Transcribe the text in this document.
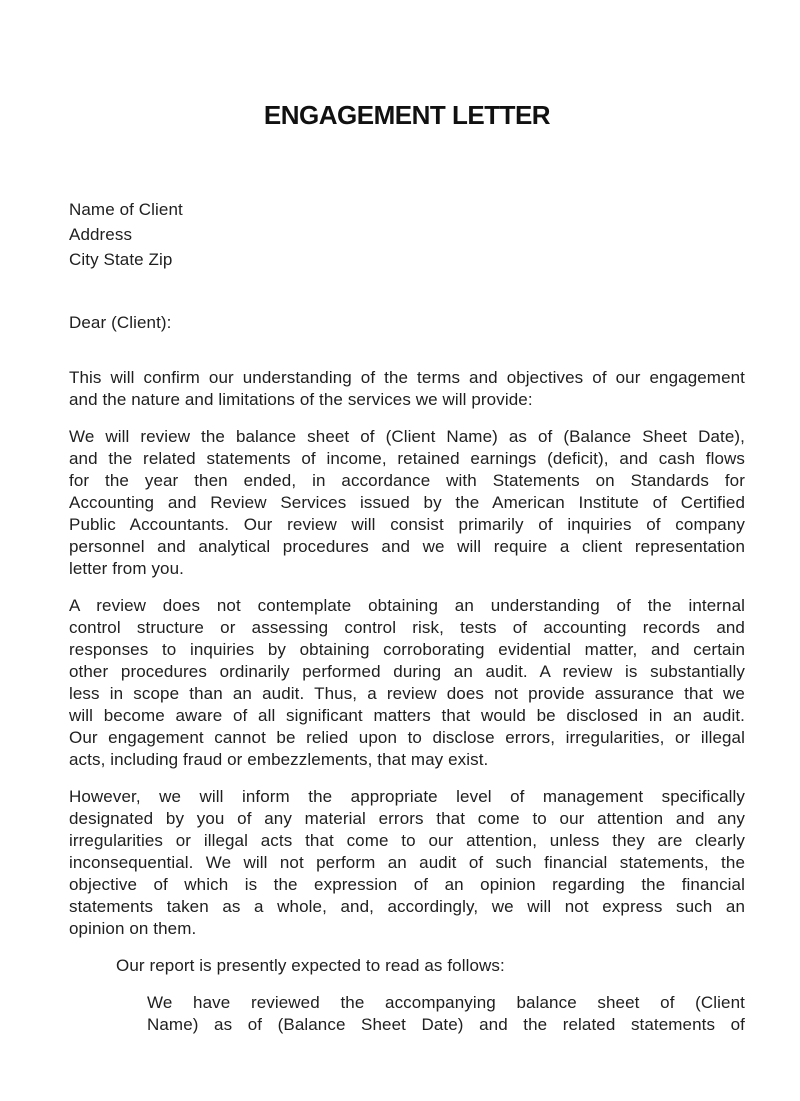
ENGAGEMENT LETTER
Name of Client
Address
City State Zip
Dear (Client):
This will confirm our understanding of the terms and objectives of our engagement
and the nature and limitations of the services we will provide:
We will review the balance sheet of (Client Name) as of (Balance Sheet Date),
and the related statements of income, retained earnings (deficit), and cash flows
for the year then ended, in accordance with Statements on Standards for
Accounting and Review Services issued by the American Institute of Certified
Public Accountants. Our review will consist primarily of inquiries of company
personnel and analytical procedures and we will require a client representation
letter from you.
A review does not contemplate obtaining an understanding of the internal
control structure or assessing control risk, tests of accounting records and
responses to inquiries by obtaining corroborating evidential matter, and certain
other procedures ordinarily performed during an audit. A review is substantially
less in scope than an audit. Thus, a review does not provide assurance that we
will become aware of all significant matters that would be disclosed in an audit.
Our engagement cannot be relied upon to disclose errors, irregularities, or illegal
acts, including fraud or embezzlements, that may exist.
However, we will inform the appropriate level of management specifically
designated by you of any material errors that come to our attention and any
irregularities or illegal acts that come to our attention, unless they are clearly
inconsequential. We will not perform an audit of such financial statements, the
objective of which is the expression of an opinion regarding the financial
statements taken as a whole, and, accordingly, we will not express such an
opinion on them.
Our report is presently expected to read as follows:
We have reviewed the accompanying balance sheet of (Client
Name) as of (Balance Sheet Date) and the related statements of
